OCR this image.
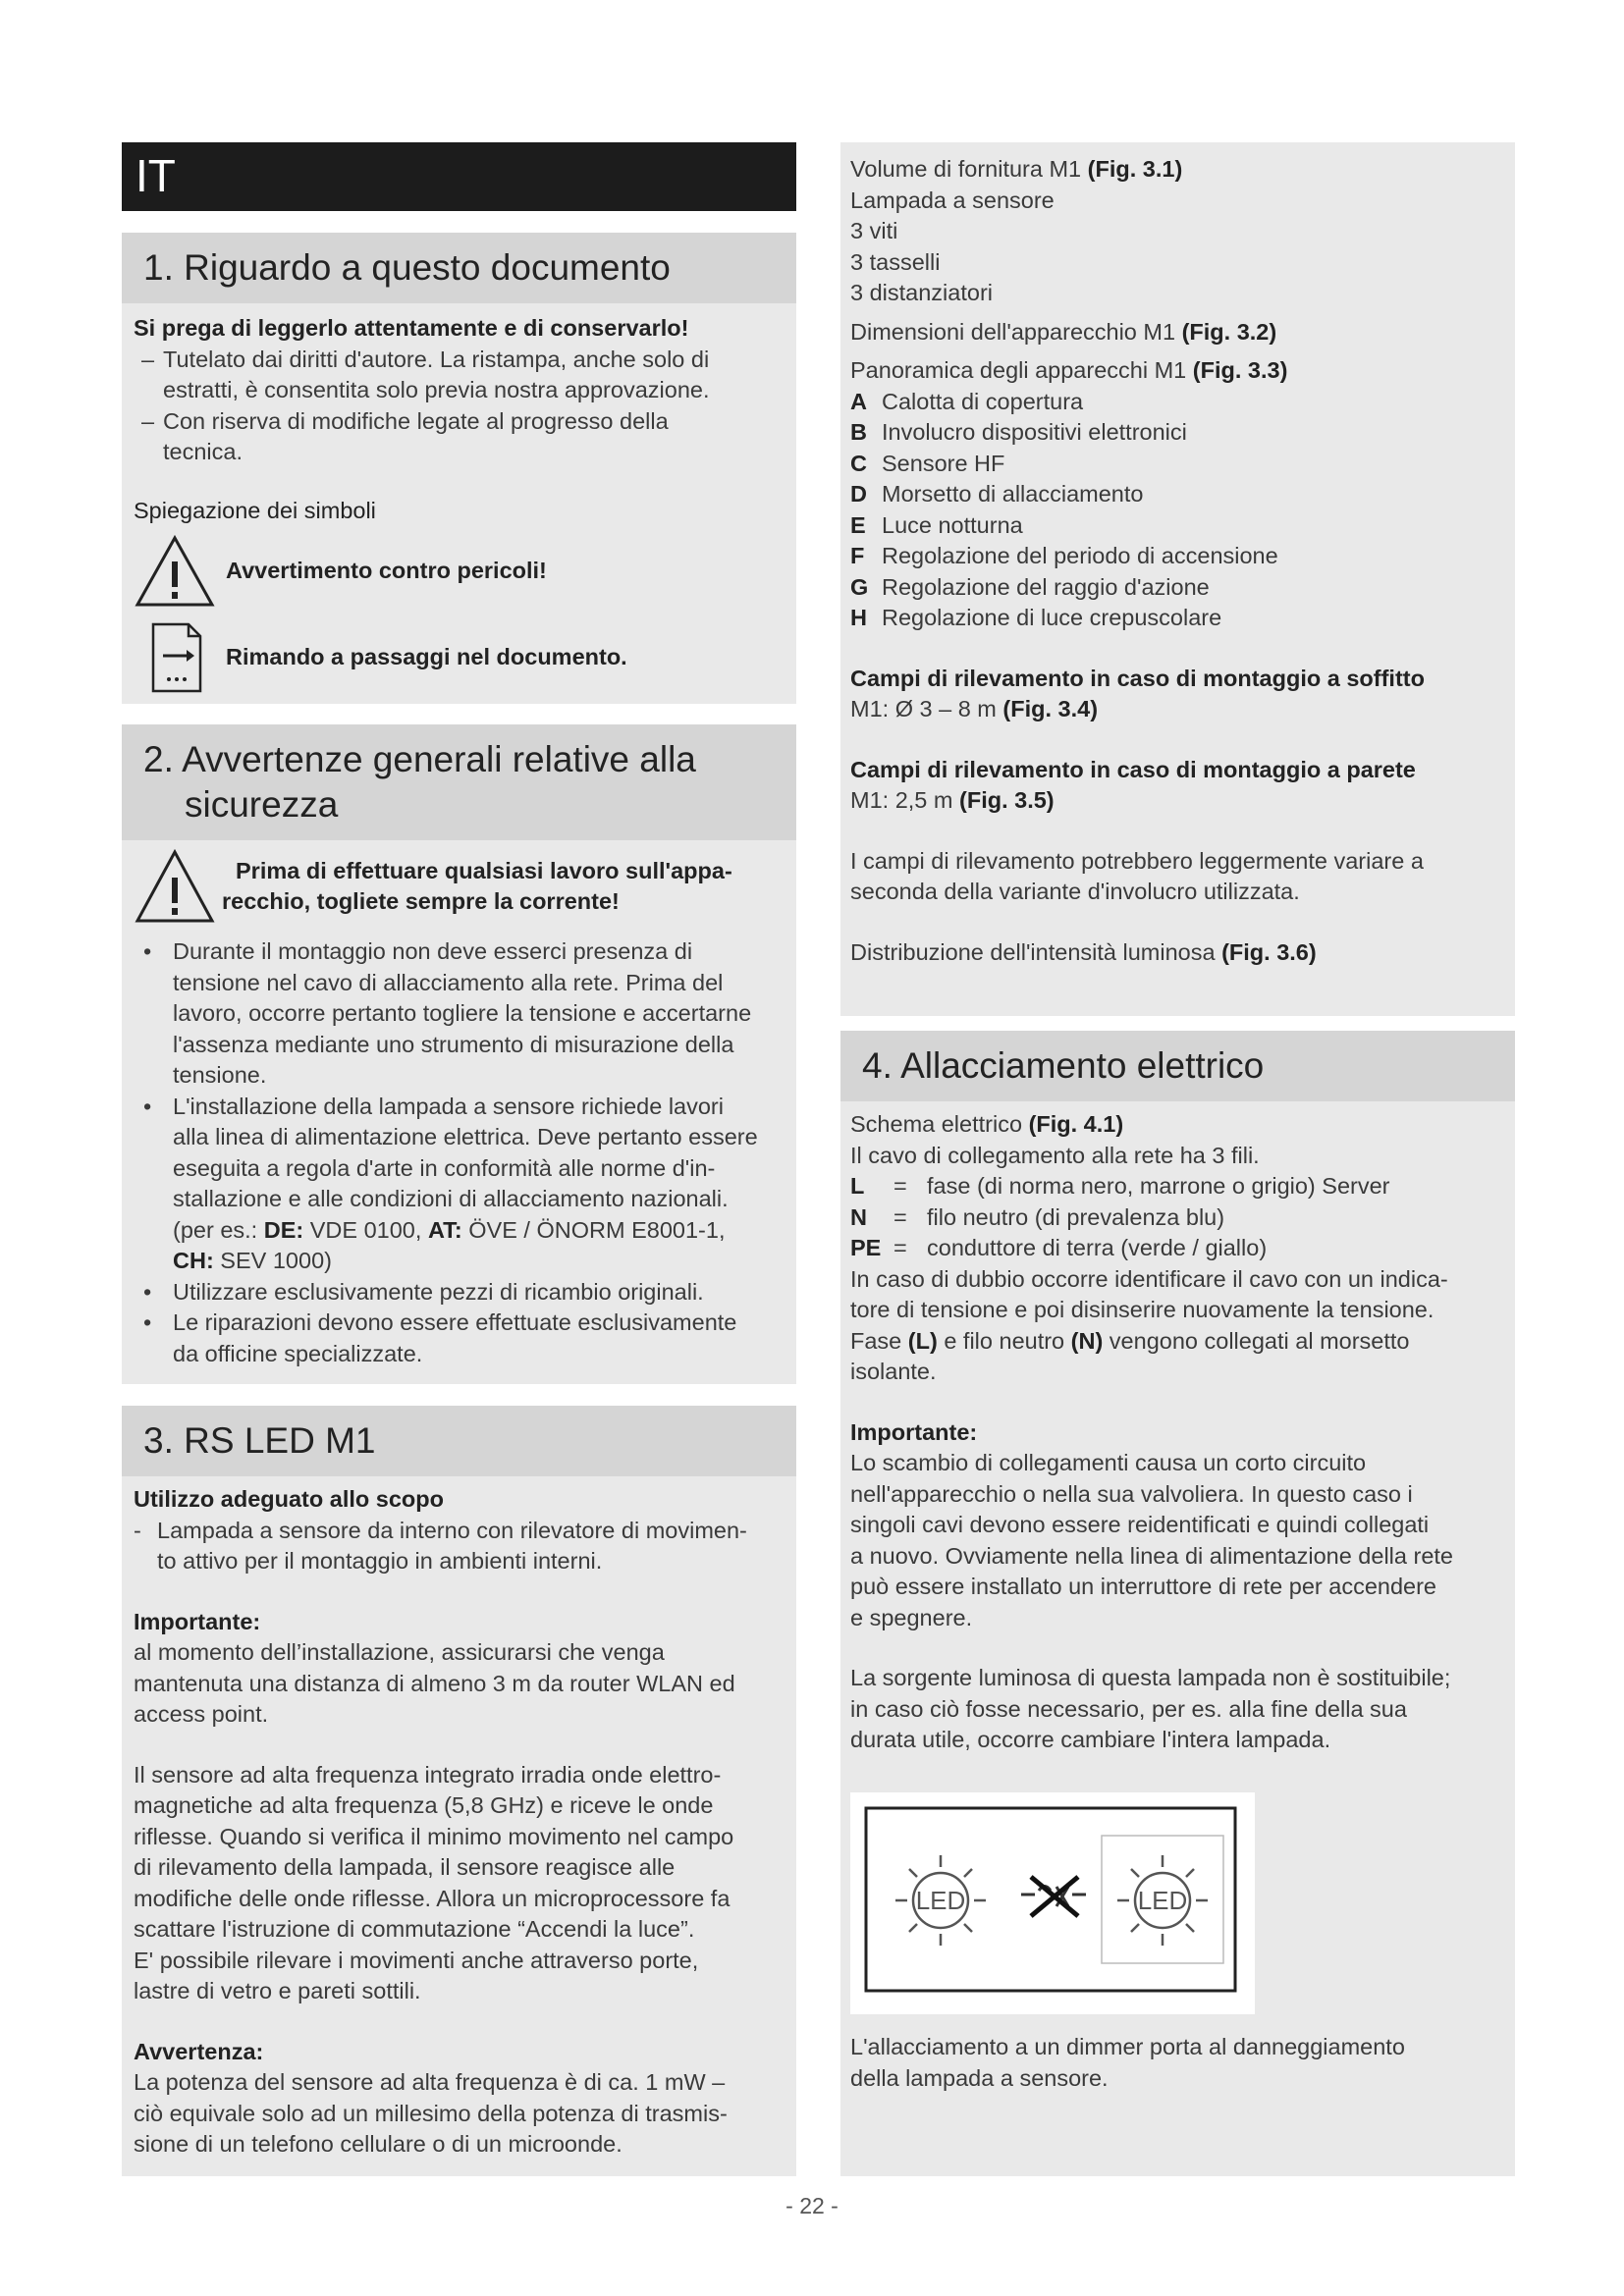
IT
1. Riguardo a questo documento
Si prega di leggerlo attentamente e di conservarlo!
– Tutelato dai diritti d'autore. La ristampa, anche solo di
estratti, è consentita solo previa nostra approvazione.
– Con riserva di modifiche legate al progresso della
tecnica.
Spiegazione dei simboli
Avvertimento contro pericoli!
Rimando a passaggi nel documento.
2. Avvertenze generali relative alla
sicurezza
Prima di effettuare qualsiasi lavoro sull'appa-
recchio, togliete sempre la corrente!
• Durante il montaggio non deve esserci presenza di
tensione nel cavo di allacciamento alla rete. Prima del
lavoro, occorre pertanto togliere la tensione e accertarne
l'assenza mediante uno strumento di misurazione della
tensione.
• L'installazione della lampada a sensore richiede lavori
alla linea di alimentazione elettrica. Deve pertanto essere
eseguita a regola d'arte in conformità alle norme d'in-
stallazione e alle condizioni di allacciamento nazionali.
(per es.: DE: VDE 0100, AT: ÖVE / ÖNORM E8001-1,
CH: SEV 1000)
• Utilizzare esclusivamente pezzi di ricambio originali.
• Le riparazioni devono essere effettuate esclusivamente
da officine specializzate.
3. RS LED M1
Utilizzo adeguato allo scopo
- Lampada a sensore da interno con rilevatore di movimen-
to attivo per il montaggio in ambienti interni.
Importante:
al momento dell’installazione, assicurarsi che venga
mantenuta una distanza di almeno 3 m da router WLAN ed
access point.
Il sensore ad alta frequenza integrato irradia onde elettro-
magnetiche ad alta frequenza (5,8 GHz) e riceve le onde
riflesse. Quando si verifica il minimo movimento nel campo
di rilevamento della lampada, il sensore reagisce alle
modifiche delle onde riflesse. Allora un microprocessore fa
scattare l'istruzione di commutazione “Accendi la luce”.
E' possibile rilevare i movimenti anche attraverso porte,
lastre di vetro e pareti sottili.
Avvertenza:
La potenza del sensore ad alta frequenza è di ca. 1 mW –
ciò equivale solo ad un millesimo della potenza di trasmis-
sione di un telefono cellulare o di un microonde.
Volume di fornitura M1 (Fig. 3.1)
Lampada a sensore
3 viti
3 tasselli
3 distanziatori
Dimensioni dell'apparecchio M1 (Fig. 3.2)
Panoramica degli apparecchi M1 (Fig. 3.3)
A Calotta di copertura
B Involucro dispositivi elettronici
C Sensore HF
D Morsetto di allacciamento
E Luce notturna
F Regolazione del periodo di accensione
G Regolazione del raggio d'azione
H Regolazione di luce crepuscolare
Campi di rilevamento in caso di montaggio a soffitto
M1: Ø 3 – 8 m (Fig. 3.4)
Campi di rilevamento in caso di montaggio a parete
M1: 2,5 m (Fig. 3.5)
I campi di rilevamento potrebbero leggermente variare a
seconda della variante d'involucro utilizzata.
Distribuzione dell'intensità luminosa (Fig. 3.6)
4. Allacciamento elettrico
Schema elettrico (Fig. 4.1)
Il cavo di collegamento alla rete ha 3 fili.
L	= fase (di norma nero, marrone o grigio) Server
N	= filo neutro (di prevalenza blu)
PE = conduttore di terra (verde / giallo)
In caso di dubbio occorre identificare il cavo con un indica-
tore di tensione e poi disinserire nuovamente la tensione.
Fase (L) e filo neutro (N) vengono collegati al morsetto
isolante.
Importante:
Lo scambio di collegamenti causa un corto circuito
nell'apparecchio o nella sua valvoliera. In questo caso i
singoli cavi devono essere reidentificati e quindi collegati
a nuovo. Ovviamente nella linea di alimentazione della rete
può essere installato un interruttore di rete per accendere
e spegnere.
La sorgente luminosa di questa lampada non è sostituibile;
in caso ciò fosse necessario, per es. alla fine della sua
durata utile, occorre cambiare l'intera lampada.
LED	LED
L'allacciamento a un dimmer porta al danneggiamento
della lampada a sensore.
- 22 -
